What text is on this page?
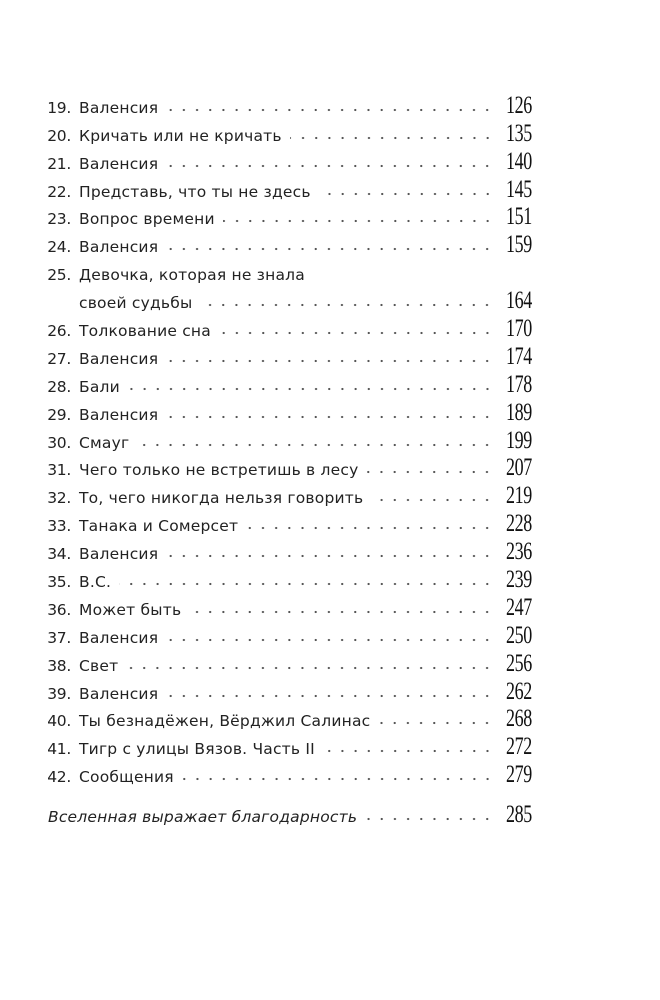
19. Валенсия	126
20. Кричать или не кричать	135
21. Валенсия	140
22. Представь, что ты не здесь	145
23. Вопрос времени	151
24. Валенсия	159
25. Девочка, которая не знала
своей судьбы	164
26. Толкование сна	170
27. Валенсия	174
28. Бали	178
29. Валенсия	189
30. Смауг	199
31. Чего только не встретишь в лесу	207
32. То, чего никогда нельзя говорить	219
33. Танака и Сомерсет	228
34. Валенсия	236
35. В.С.	239
36. Может быть	247
37. Валенсия	250
38. Свет	256
39. Валенсия	262
40. Ты безнадёжен, Вёрджил Салинас	268
41. Тигр с улицы Вязов. Часть II	272
42. Сообщения	279
Вселенная выражает благодарность	285
